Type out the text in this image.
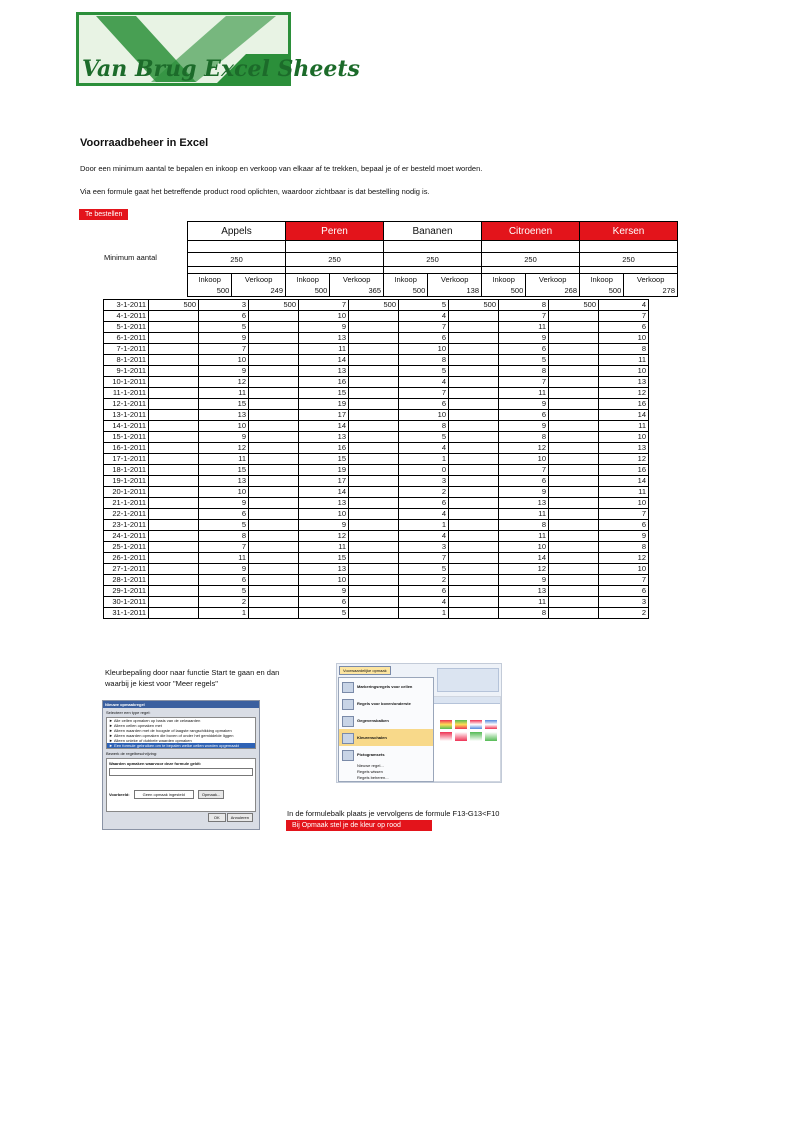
Van Brug Excel Sheets
Voorraadbeheer in Excel
Door een minimum aantal te bepalen en inkoop en verkoop van elkaar af te trekken, bepaal je of er besteld moet worden.
Via een formule gaat het betreffende product rood oplichten, waardoor zichtbaar is dat bestelling nodig is.
Te bestellen
Appels		Peren		Bananen		Citroenen		Kersen	

250		250		250		250		250	

Inkoop	Verkoop	Inkoop	Verkoop	Inkoop	Verkoop	Inkoop	Verkoop	Inkoop	Verkoop
500	249	500	365	500	138	500	268	500	278
Minimum aantal
3-1-2011	500	3	500	7	500	5	500	8	500	4
4-1-2011		6		10		4		7		7
5-1-2011		5		9		7		11		6
6-1-2011		9		13		6		9		10
7-1-2011		7		11		10		6		8
8-1-2011		10		14		8		5		11
9-1-2011		9		13		5		8		10
10-1-2011		12		16		4		7		13
11-1-2011		11		15		7		11		12
12-1-2011		15		19		6		9		16
13-1-2011		13		17		10		6		14
14-1-2011		10		14		8		9		11
15-1-2011		9		13		5		8		10
16-1-2011		12		16		4		12		13
17-1-2011		11		15		1		10		12
18-1-2011		15		19		0		7		16
19-1-2011		13		17		3		6		14
20-1-2011		10		14		2		9		11
21-1-2011		9		13		6		13		10
22-1-2011		6		10		4		11		7
23-1-2011		5		9		1		8		6
24-1-2011		8		12		4		11		9
25-1-2011		7		11		3		10		8
26-1-2011		11		15		7		14		12
27-1-2011		9		13		5		12		10
28-1-2011		6		10		2		9		7
29-1-2011		5		9		6		13		6
30-1-2011		2		6		4		11		3
31-1-2011		1		5		1		8		2
Kleurbepaling door naar functie Start te gaan en dan
waarbij je kiest voor "Meer regels"
Nieuwe opmaakregel
Selecteer een type regel:
► Alle cellen opmaken op basis van de celwaarden
► Alleen cellen opmaken met
► Alleen waarden met de hoogste of laagste rangschikking opmaken
► Alleen waarden opmaken die boven of onder het gemiddelde liggen
► Alleen unieke of dubbele waarden opmaken
► Een formule gebruiken om te bepalen welke cellen worden opgemaakt
Bewerk de regelbeschrijving:
Waarden opmaken waarvoor deze formule geldt:
Voorbeeld:	Geen opmaak ingesteld	Opmaak...
OK	Annuleren
Voorwaardelijke opmaak
Markeringsregels voor cellen
Regels voor boven/onderste
Gegevensbalken
Kleurenschalen
Pictogramsets
Nieuwe regel...
Regels wissen
Regels beheren...
In de formulebalk plaats je vervolgens de formule F13-G13<F10
Bij Opmaak stel je de kleur op rood
